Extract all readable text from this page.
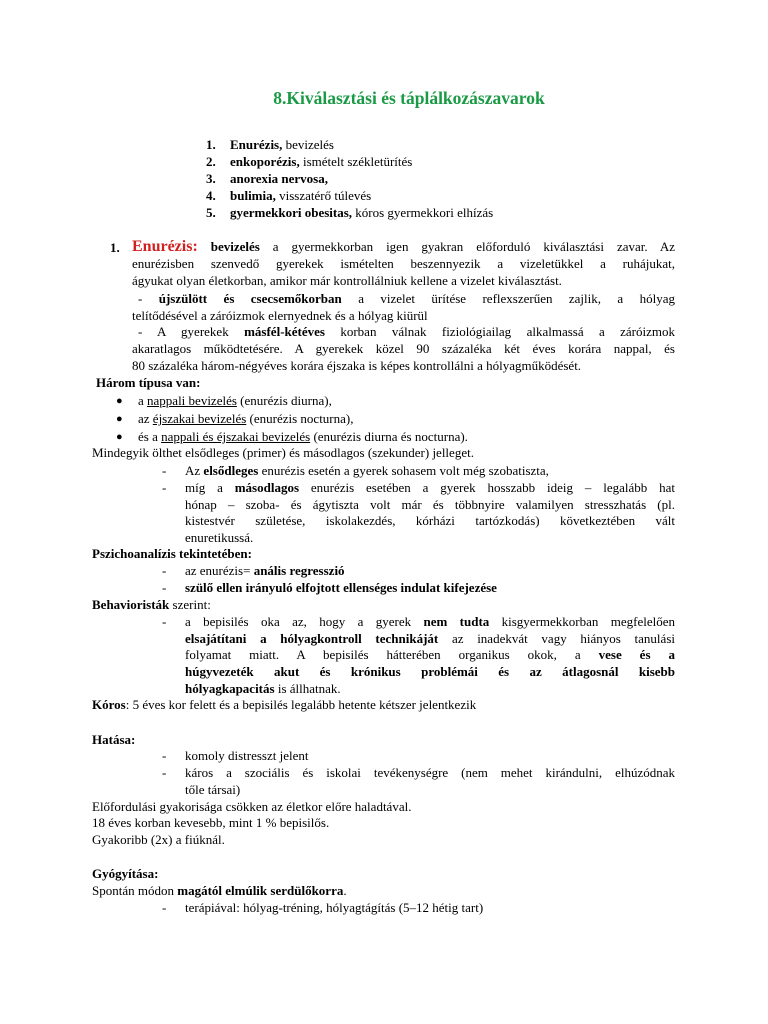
8.Kiválasztási és táplálkozászavarok
1. Enurézis, bevizelés
2. enkoporézis, ismételt székletürítés
3. anorexia nervosa,
4. bulimia, visszatérő túlevés
5. gyermekkori obesitas, kóros gyermekkori elhízás
1. Enurézis: bevizelés a gyermekkorban igen gyakran előforduló kiválasztási zavar. Az
enurézisben szenvedő gyerekek ismételten beszennyezik a vizeletükkel a ruhájukat,
ágyukat olyan életkorban, amikor már kontrollálniuk kellene a vizelet kiválasztást.
- újszülött és csecsemőkorban a vizelet ürítése reflexszerűen zajlik, a hólyag
telítődésével a záróizmok elernyednek és a hólyag kiürül
- A gyerekek másfél-kétéves korban válnak fiziológiailag alkalmassá a záróizmok
akaratlagos működtetésére. A gyerekek közel 90 százaléka két éves korára nappal, és
80 százaléka három-négyéves korára éjszaka is képes kontrollálni a hólyagműködését.
Három típusa van:
● a nappali bevizelés (enurézis diurna),
● az éjszakai bevizelés (enurézis nocturna),
● és a nappali és éjszakai bevizelés (enurézis diurna és nocturna).
Mindegyik ölthet elsődleges (primer) és másodlagos (szekunder) jelleget.
- Az elsődleges enurézis esetén a gyerek sohasem volt még szobatiszta,
- míg a másodlagos enurézis esetében a gyerek hosszabb ideig – legalább hat
hónap – szoba- és ágytiszta volt már és többnyire valamilyen stresszhatás (pl.
kistestvér születése, iskolakezdés, kórházi tartózkodás) következtében vált
enuretikussá.
Pszichoanalízis tekintetében:
- az enurézis= anális regresszió
- szülő ellen irányuló elfojtott ellenséges indulat kifejezése
Behavioristák szerint:
- a bepisilés oka az, hogy a gyerek nem tudta kisgyermekkorban megfelelően
elsajátítani a hólyagkontroll technikáját az inadekvát vagy hiányos tanulási
folyamat miatt. A bepisilés hátterében organikus okok, a vese és a
húgyvezeték akut és krónikus problémái és az átlagosnál kisebb
hólyagkapacitás is állhatnak.
Kóros: 5 éves kor felett és a bepisilés legalább hetente kétszer jelentkezik
Hatása:
- komoly distresszt jelent
- káros a szociális és iskolai tevékenységre (nem mehet kirándulni, elhúzódnak
tőle társai)
Előfordulási gyakorisága csökken az életkor előre haladtával.
18 éves korban kevesebb, mint 1 % bepisilős.
Gyakoribb (2x) a fiúknál.
Gyógyítása:
Spontán módon magától elmúlik serdülőkorra.
- terápiával: hólyag-tréning, hólyagtágítás (5–12 hétig tart)
